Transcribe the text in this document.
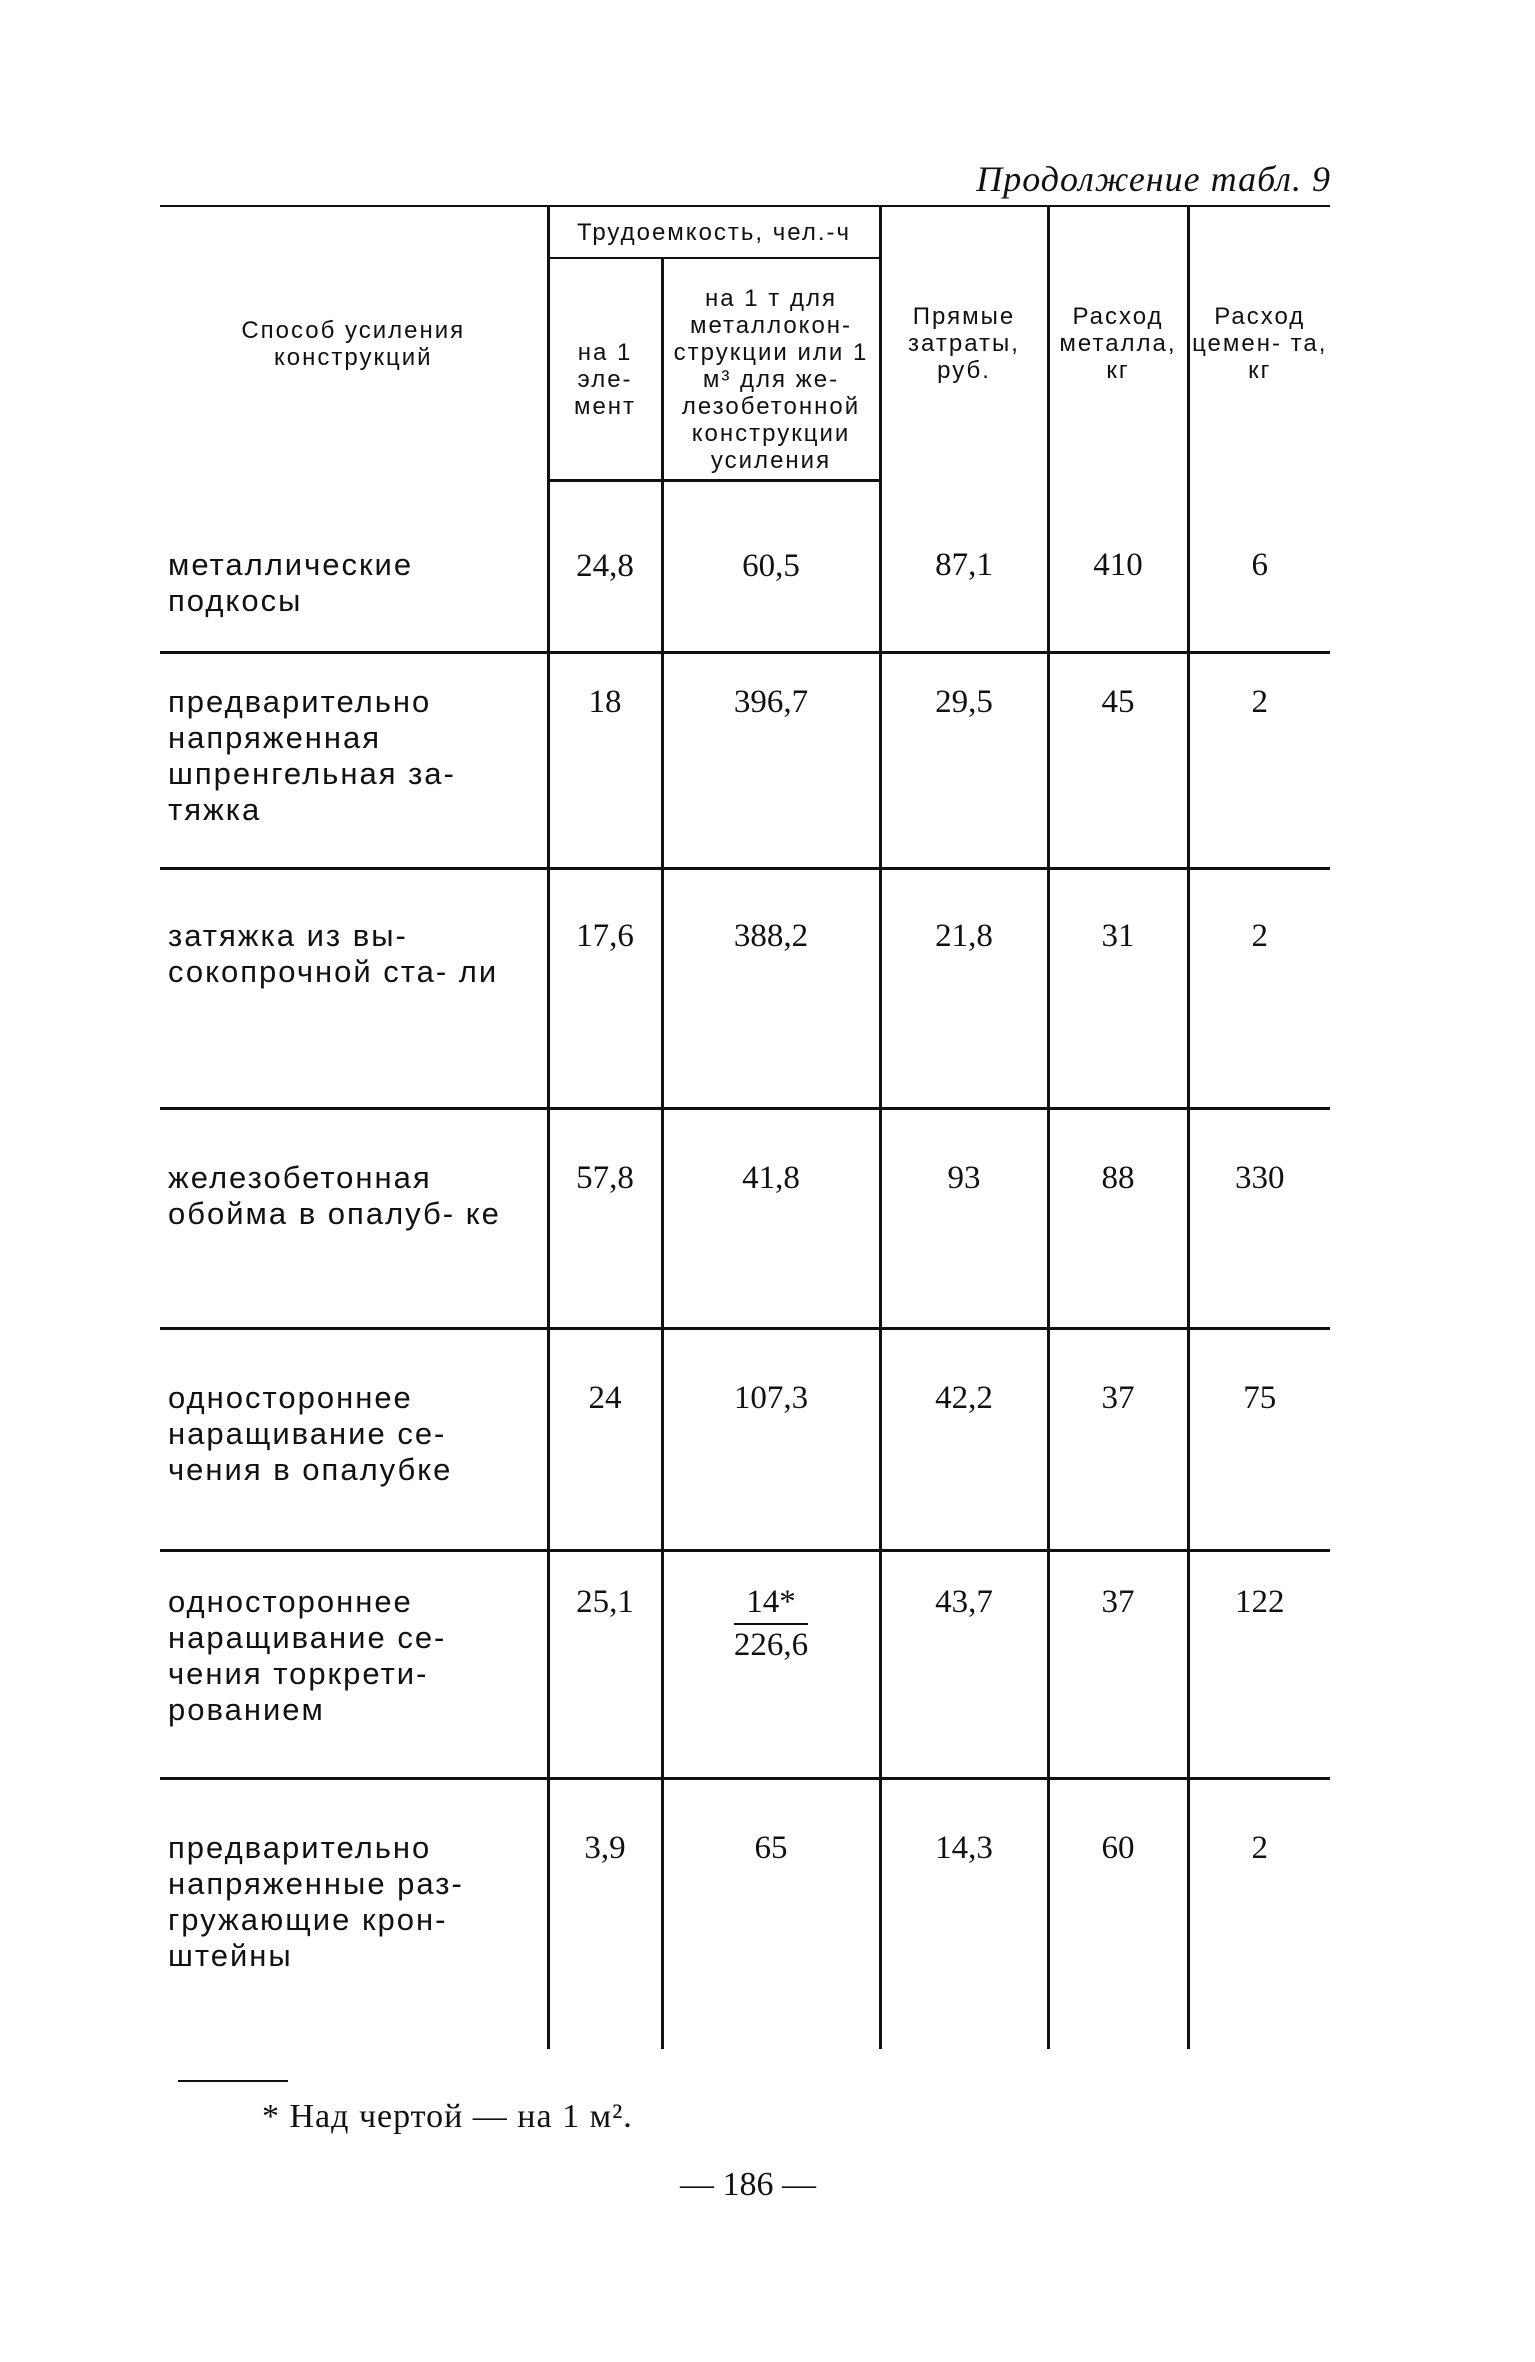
Продолжение табл. 9
Способ усиления конструкций	Трудоемкость, чел.-ч		Прямые затраты, руб.	Расход металла, кг	Расход цемен- та, кг
	на 1 эле- мент	на 1 т для металлокон- струкции или 1 м³ для же- лезобетонной конструкции усиления			
металлические подкосы	24,8	60,5	87,1	410	6
предварительно напряженная шпренгельная за- тяжка	18	396,7	29,5	45	2
затяжка из вы- сокопрочной ста- ли	17,6	388,2	21,8	31	2
железобетонная обойма в опалуб- ке	57,8	41,8	93	88	330
одностороннее наращивание се- чения в опалубке	24	107,3	42,2	37	75
одностороннее наращивание се- чения торкрети- рованием	25,1	$\frac{14*}{226,6}$	43,7	37	122
предварительно напряженные раз- гружающие крон- штейны	3,9	65	14,3	60	2
* Над чертой — на 1 м².
— 186 —
